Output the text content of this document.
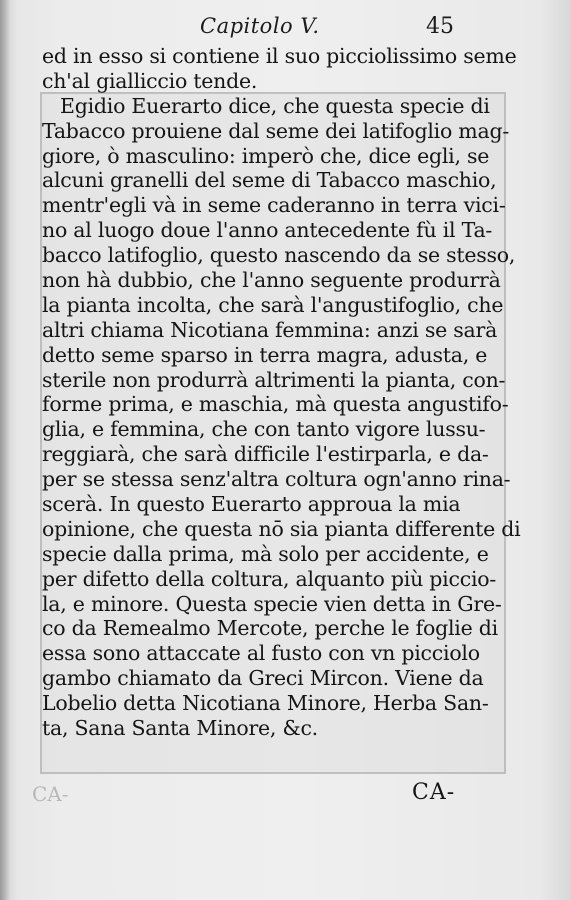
Capitolo V.	45
ed in esso si contiene il suo picciolissimo seme
ch'al gialliccio tende.
Egidio Euerarto dice, che questa specie di
Tabacco prouiene dal seme dei latifoglio mag-
giore, ò masculino: imperò che, dice egli, se
alcuni granelli del seme di Tabacco maschio,
mentr'egli và in seme caderanno in terra vici-
no al luogo doue l'anno antecedente fù il Ta-
bacco latifoglio, questo nascendo da se stesso,
non hà dubbio, che l'anno seguente produrrà
la pianta incolta, che sarà l'angustifoglio, che
altri chiama Nicotiana femmina: anzi se sarà
detto seme sparso in terra magra, adusta, e
sterile non produrrà altrimenti la pianta, con-
forme prima, e maschia, mà questa angustifo-
glia, e femmina, che con tanto vigore lussu-
reggiarà, che sarà difficile l'estirparla, e da-
per se stessa senz'altra coltura ogn'anno rina-
scerà. In questo Euerarto approua la mia
opinione, che questa nō sia pianta differente di
specie dalla prima, mà solo per accidente, e
per difetto della coltura, alquanto più picciо-
la, e minore. Questa specie vien detta in Gre-
co da Remealmo Mercote, perche le foglie di
essa sono attaccate al fusto con vn picciolo
gambo chiamato da Greci Mircon. Viene da
Lobelio detta Nicotiana Minore, Herba San-
ta, Sana Santa Minore, &c.
CA-	CA-
